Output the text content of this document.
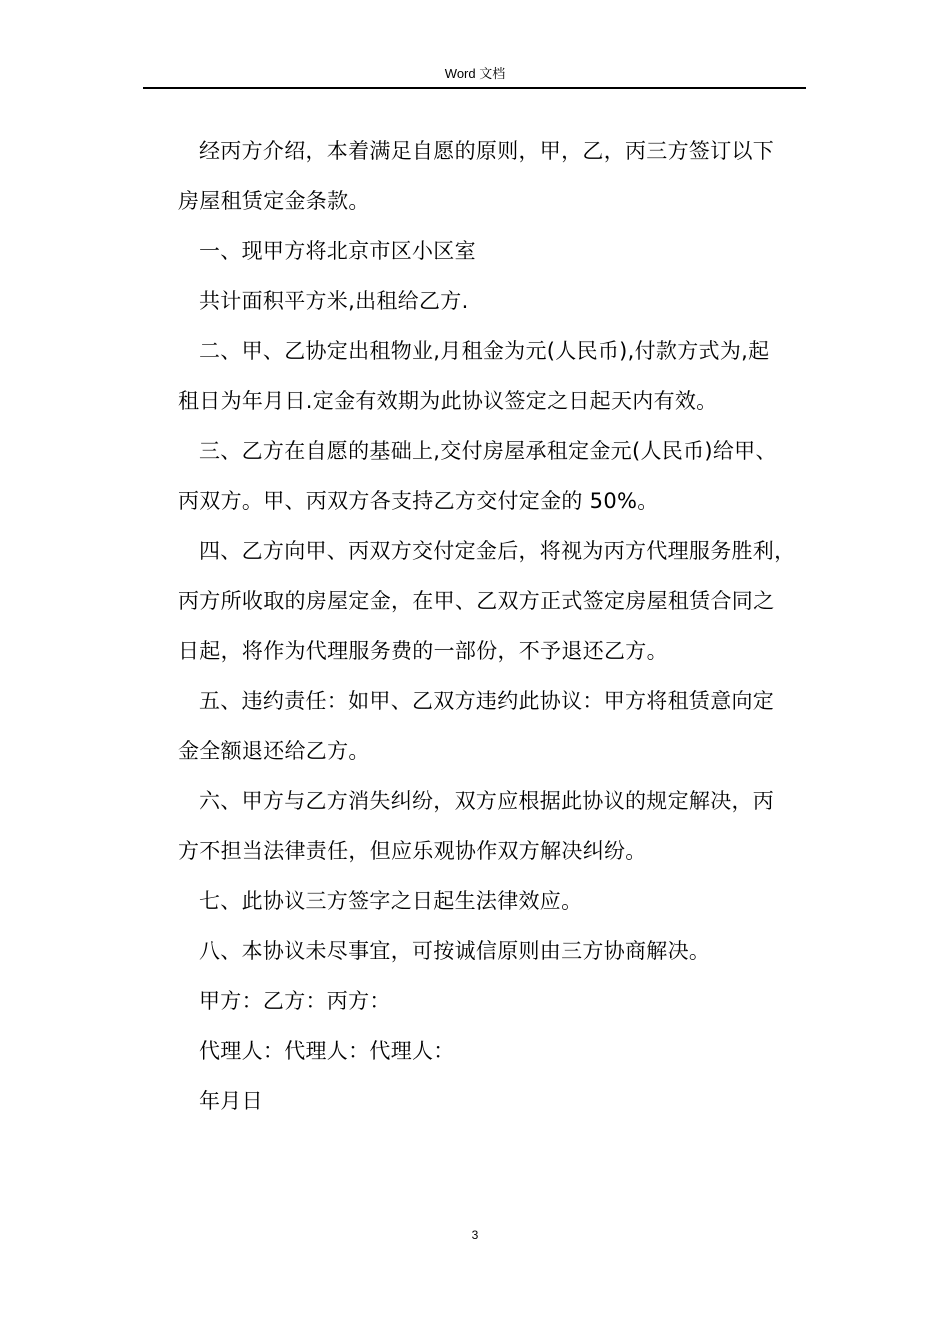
Word 文档

经丙方介绍，本着满足自愿的原则，甲，乙，丙三方签订以下

房屋租赁定金条款。

一、现甲方将北京市区小区室

共计面积平方米,出租给乙方.

二、甲、乙协定出租物业,月租金为元(人民币),付款方式为,起

租日为年月日.定金有效期为此协议签定之日起天内有效。

三、乙方在自愿的基础上,交付房屋承租定金元(人民币)给甲、

丙双方。甲、丙双方各支持乙方交付定金的 50%。

四、乙方向甲、丙双方交付定金后，将视为丙方代理服务胜利，

丙方所收取的房屋定金，在甲、乙双方正式签定房屋租赁合同之

日起，将作为代理服务费的一部份，不予退还乙方。

五、违约责任：如甲、乙双方违约此协议：甲方将租赁意向定

金全额退还给乙方。

六、甲方与乙方消失纠纷，双方应根据此协议的规定解决，丙

方不担当法律责任，但应乐观协作双方解决纠纷。

七、此协议三方签字之日起生法律效应。

八、本协议未尽事宜，可按诚信原则由三方协商解决。

甲方：乙方：丙方：

代理人：代理人：代理人：

年月日

3
